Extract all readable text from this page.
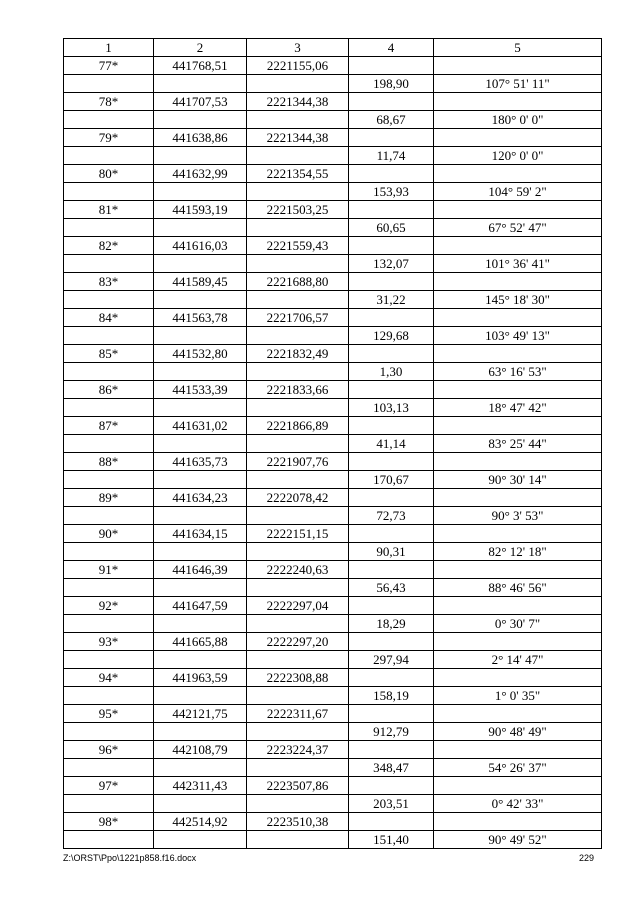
1	2	3	4	5
77*	441768,51	2221155,06		
			198,90	107° 51' 11"
78*	441707,53	2221344,38		
			68,67	180° 0' 0"
79*	441638,86	2221344,38		
			11,74	120° 0' 0"
80*	441632,99	2221354,55		
			153,93	104° 59' 2"
81*	441593,19	2221503,25		
			60,65	67° 52' 47"
82*	441616,03	2221559,43		
			132,07	101° 36' 41"
83*	441589,45	2221688,80		
			31,22	145° 18' 30"
84*	441563,78	2221706,57		
			129,68	103° 49' 13"
85*	441532,80	2221832,49		
			1,30	63° 16' 53"
86*	441533,39	2221833,66		
			103,13	18° 47' 42"
87*	441631,02	2221866,89		
			41,14	83° 25' 44"
88*	441635,73	2221907,76		
			170,67	90° 30' 14"
89*	441634,23	2222078,42		
			72,73	90° 3' 53"
90*	441634,15	2222151,15		
			90,31	82° 12' 18"
91*	441646,39	2222240,63		
			56,43	88° 46' 56"
92*	441647,59	2222297,04		
			18,29	0° 30' 7"
93*	441665,88	2222297,20		
			297,94	2° 14' 47"
94*	441963,59	2222308,88		
			158,19	1° 0' 35"
95*	442121,75	2222311,67		
			912,79	90° 48' 49"
96*	442108,79	2223224,37		
			348,47	54° 26' 37"
97*	442311,43	2223507,86		
			203,51	0° 42' 33"
98*	442514,92	2223510,38		
			151,40	90° 49' 52"
Z:\ORST\Ppo\1221p858.f16.docx	229
